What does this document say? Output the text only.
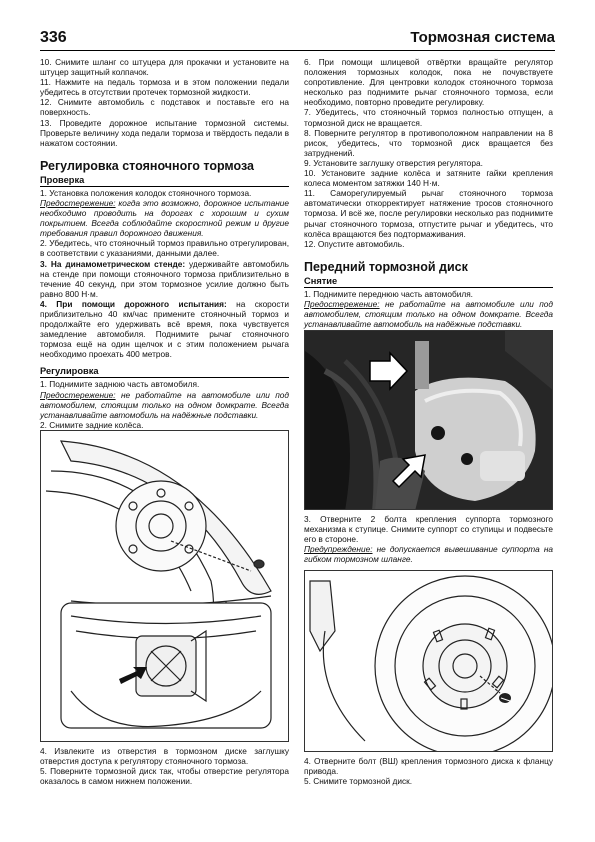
336	Тормозная система

10. Снимите шланг со штуцера для прокачки и установите на штуцер защитный колпачок.

11. Нажмите на педаль тормоза и в этом положении педали убедитесь в отсутствии протечек тормозной жидкости.

12. Снимите автомобиль с подставок и поставьте его на поверхность.

13. Проведите дорожное испытание тормозной системы. Проверьте величину хода педали тормоза и твёрдость педали в нажатом состоянии.

Регулировка стояночного тормоза
Проверка

1. Установка положения колодок стояночного тормоза.

Предостережение: когда это возможно, дорожное испытание необходимо проводить на дорогах с хорошим и сухим покрытием. Всегда соблюдайте скоростной режим и другие требования правил дорожного движения.

2. Убедитесь, что стояночный тормоз правильно отрегулирован, в соответствии с указаниями, данными далее.

3. На динамометрическом стенде: удерживайте автомобиль на стенде при помощи стояночного тормоза приблизительно в течение 40 секунд, при этом тормозное усилие должно быть равно 800 Н·м.

4. При помощи дорожного испытания: на скорости приблизительно 40 км/час примените стояночный тормоз и продолжайте его удерживать всё время, пока чувствуется замедление автомобиля. Поднимите рычаг стояночного тормоза ещё на один щелчок и с этим положением рычага необходимо проехать 400 метров.

Регулировка

1. Поднимите заднюю часть автомобиля.

Предостережение: не работайте на автомобиле или под автомобилем, стоящим только на одном домкрате. Всегда устанавливайте автомобиль на надёжные подставки.

2. Снимите задние колёса.

4. Извлеките из отверстия в тормозном диске заглушку отверстия доступа к регулятору стояночного тормоза.

5. Поверните тормозной диск так, чтобы отверстие регулятора оказалось в самом нижнем положении.

6. При помощи шлицевой отвёртки вращайте регулятор положения тормозных колодок, пока не почувствуете сопротивление. Для центровки колодок стояночного тормоза несколько раз поднимите рычаг стояночного тормоза, если необходимо, повторно проведите регулировку.

7. Убедитесь, что стояночный тормоз полностью отпущен, а тормозной диск не вращается.

8. Поверните регулятор в противоположном направлении на 8 рисок, убедитесь, что тормозной диск вращается без затруднений.

9. Установите заглушку отверстия регулятора.

10. Установите задние колёса и затяните гайки крепления колеса моментом затяжки 140 Н·м.

11. Саморегулируемый рычаг стояночного тормоза автоматически откорректирует натяжение тросов стояночного тормоза. И всё же, после регулировки несколько раз поднимите рычаг стояночного тормоза, отпустите рычаг и убедитесь, что колёса вращаются без подтормаживания.

12. Опустите автомобиль.

Передний тормозной диск
Снятие

1. Поднимите переднюю часть автомобиля.

Предостережение: не работайте на автомобиле или под автомобилем, стоящим только на одном домкрате. Всегда устанавливайте автомобиль на надёжные подставки.

3. Отверните 2 болта крепления суппорта тормозного механизма к ступице. Снимите суппорт со ступицы и подвесьте его в стороне.

Предупреждение: не допускается вывешивание суппорта на гибком тормозном шланге.

4. Отверните болт (ВШ) крепления тормозного диска к фланцу привода.

5. Снимите тормозной диск.
